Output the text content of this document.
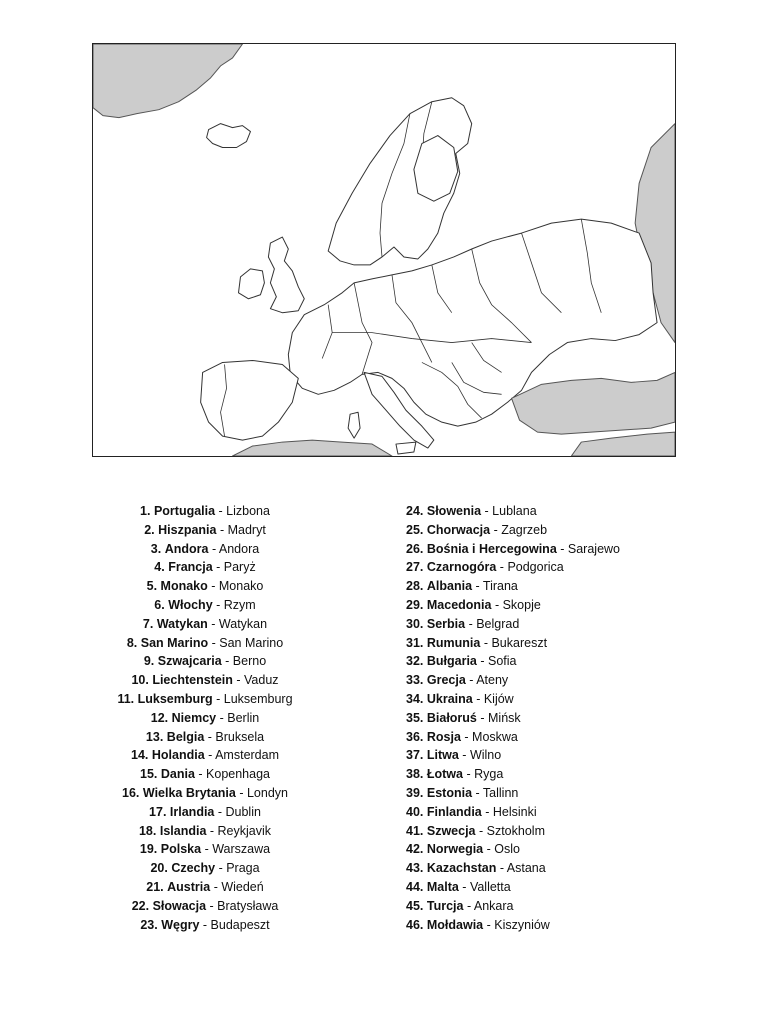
1. Portugalia - Lizbona
2. Hiszpania - Madryt
3. Andora - Andora
4. Francja - Paryż
5. Monako - Monako
6. Włochy - Rzym
7. Watykan - Watykan
8. San Marino - San Marino
9. Szwajcaria - Berno
10. Liechtenstein - Vaduz
11. Luksemburg - Luksemburg
12. Niemcy - Berlin
13. Belgia - Bruksela
14. Holandia - Amsterdam
15. Dania - Kopenhaga
16. Wielka Brytania - Londyn
17. Irlandia - Dublin
18. Islandia - Reykjavik
19. Polska - Warszawa
20. Czechy - Praga
21. Austria - Wiedeń
22. Słowacja - Bratysława
23. Węgry - Budapeszt
24. Słowenia - Lublana
25. Chorwacja - Zagrzeb
26. Bośnia i Hercegowina - Sarajewo
27. Czarnogóra - Podgorica
28. Albania - Tirana
29. Macedonia - Skopje
30. Serbia - Belgrad
31. Rumunia - Bukareszt
32. Bułgaria - Sofia
33. Grecja - Ateny
34. Ukraina - Kijów
35. Białoruś - Mińsk
36. Rosja - Moskwa
37. Litwa - Wilno
38. Łotwa - Ryga
39. Estonia - Tallinn
40. Finlandia - Helsinki
41. Szwecja - Sztokholm
42. Norwegia - Oslo
43. Kazachstan - Astana
44. Malta - Valletta
45. Turcja - Ankara
46. Mołdawia - Kiszyniów
